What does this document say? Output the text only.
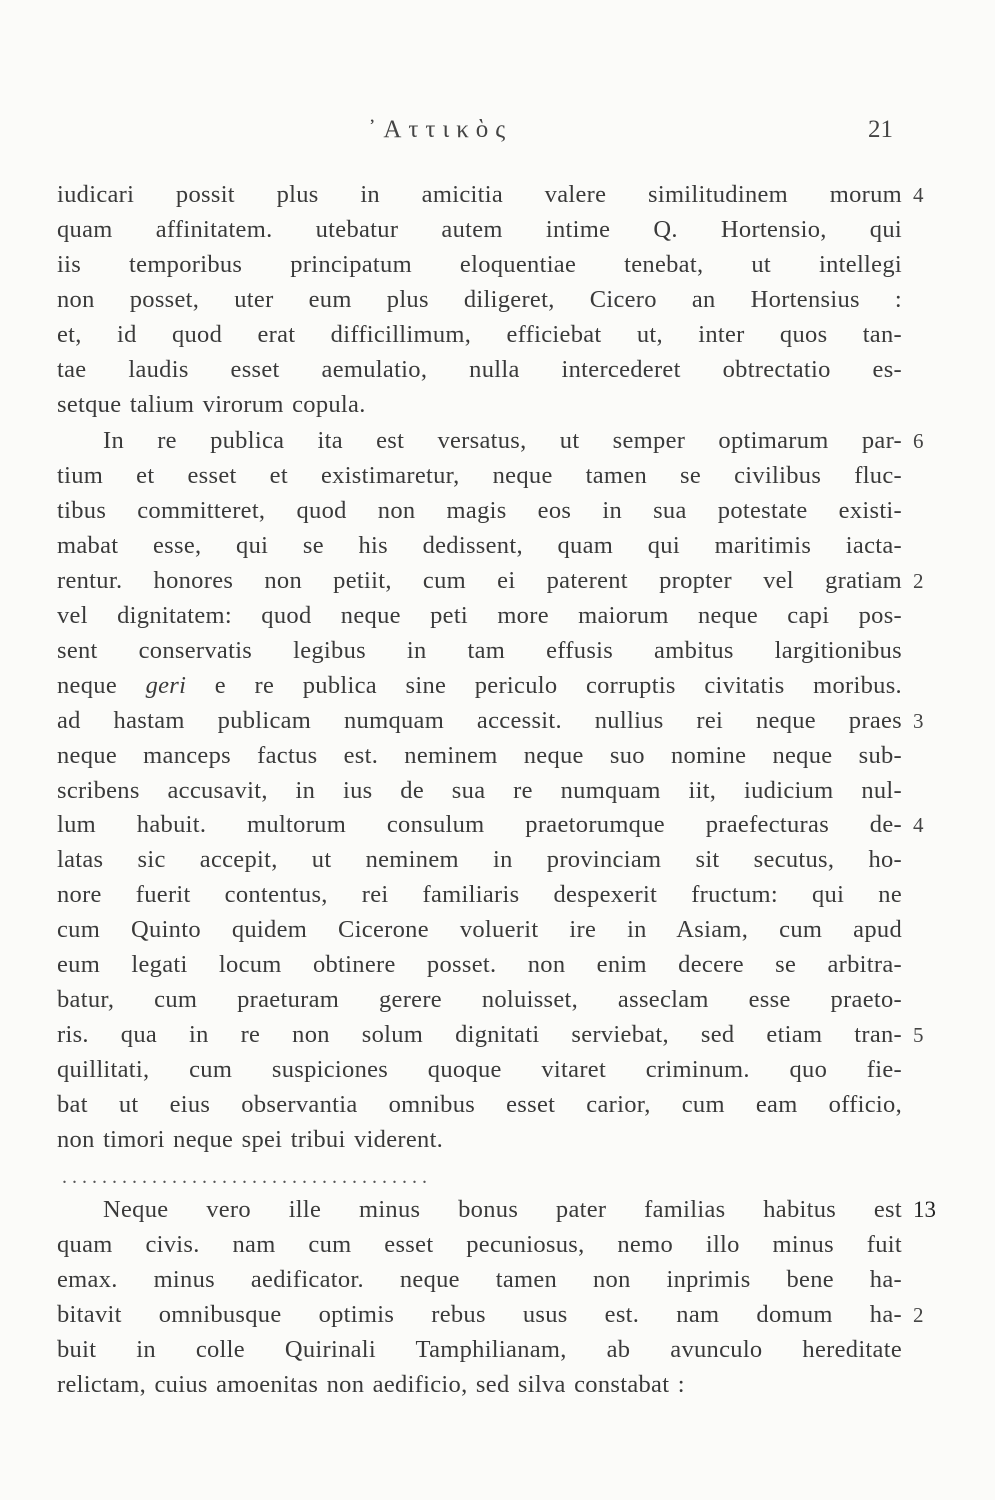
᾿Αττικὸς	21
. . . . . . . . . . . . . . . . . . . . . . . . . . . . . . . . . . . . .
iudicari possit plus in amicitia valere similitudinem morum 4
quam affinitatem. utebatur autem intime Q. Hortensio, qui
iis temporibus principatum eloquentiae tenebat, ut intellegi
non posset, uter eum plus diligeret, Cicero an Hortensius :
et, id quod erat difficillimum, efficiebat ut, inter quos tan-
tae laudis esset aemulatio, nulla intercederet obtrectatio es-
setque talium virorum copula.
In re publica ita est versatus, ut semper optimarum par- 6
tium et esset et existimaretur, neque tamen se civilibus fluc-
tibus committeret, quod non magis eos in sua potestate existi-
mabat esse, qui se his dedissent, quam qui maritimis iacta-
rentur. honores non petiit, cum ei paterent propter vel gratiam 2
vel dignitatem: quod neque peti more maiorum neque capi pos-
sent conservatis legibus in tam effusis ambitus largitionibus
neque geri e re publica sine periculo corruptis civitatis moribus.
ad hastam publicam numquam accessit. nullius rei neque praes 3
neque manceps factus est. neminem neque suo nomine neque sub-
scribens accusavit, in ius de sua re numquam iit, iudicium nul-
lum habuit. multorum consulum praetorumque praefecturas de- 4
latas sic accepit, ut neminem in provinciam sit secutus, ho-
nore fuerit contentus, rei familiaris despexerit fructum: qui ne
cum Quinto quidem Cicerone voluerit ire in Asiam, cum apud
eum legati locum obtinere posset. non enim decere se arbitra-
batur, cum praeturam gerere noluisset, asseclam esse praeto-
ris. qua in re non solum dignitati serviebat, sed etiam tran- 5
quillitati, cum suspiciones quoque vitaret criminum. quo fie-
bat ut eius observantia omnibus esset carior, cum eam officio,
non timori neque spei tribui viderent.
Neque vero ille minus bonus pater familias habitus est 13
quam civis. nam cum esset pecuniosus, nemo illo minus fuit
emax. minus aedificator. neque tamen non inprimis bene ha-
bitavit omnibusque optimis rebus usus est. nam domum ha- 2
buit in colle Quirinali Tamphilianam, ab avunculo hereditate
relictam, cuius amoenitas non aedificio, sed silva constabat :
